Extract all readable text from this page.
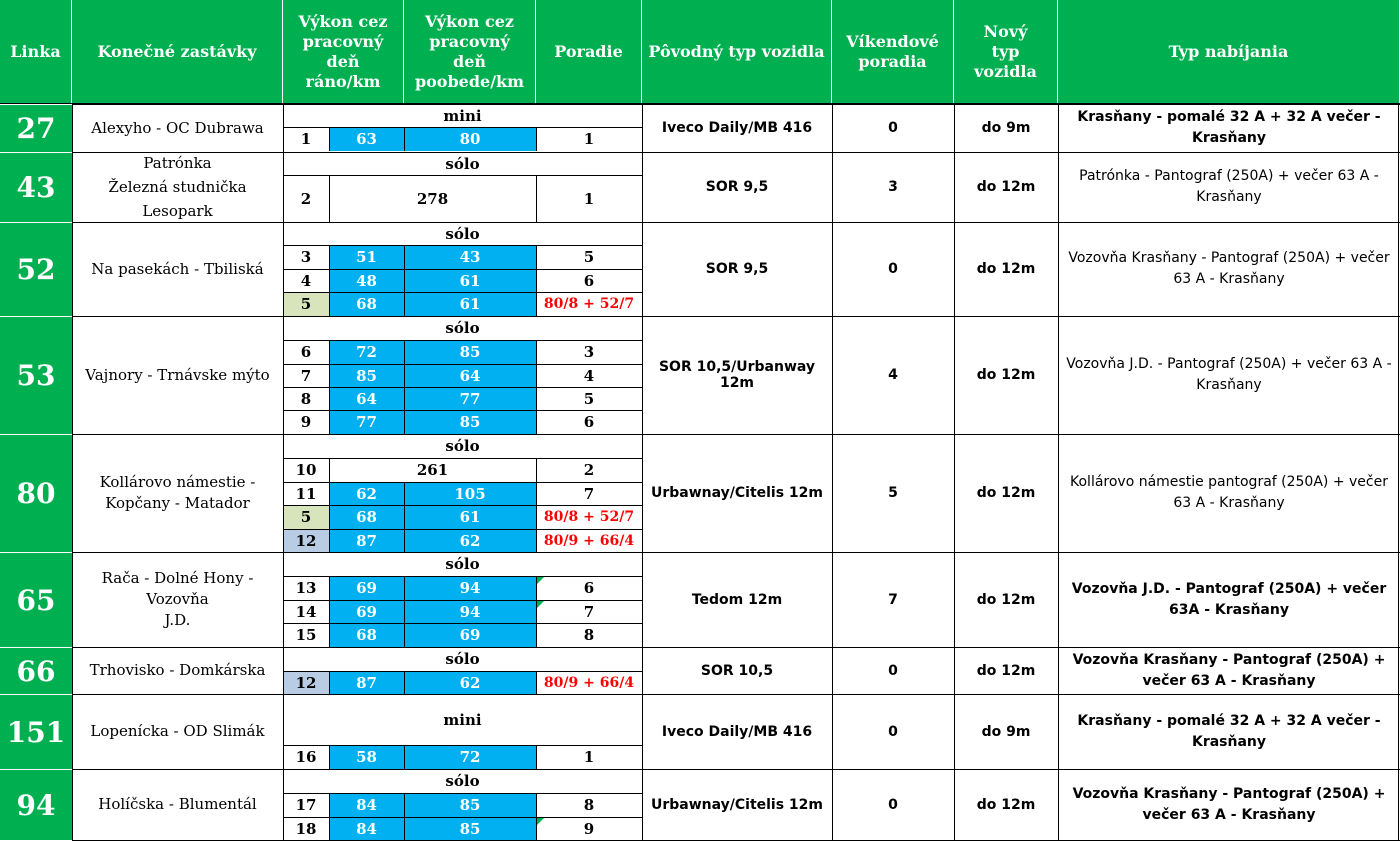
Linka	Konečné zastávky
Výkon cez pracovný deň ráno/km
Výkon cez pracovný deň poobede/km
Poradie	Pôvodný typ vozidla
Víkendové poradia
Nový typ vozidla
Typ nabíjania
27	Alexyho - OC Dubrawa
mini
1	63	80	1
Iveco Daily/MB 416	0	do 9m
Krasňany - pomalé 32 A + 32 A večer - Krasňany
43
Patrónka
Železná studnička
Lesopark
sólo
2	278	1
SOR 9,5	3	do 12m
Patrónka - Pantograf (250A) + večer 63 A - Krasňany
52	Na pasekách - Tbiliská
sólo
3	51	43	5
4	48	61	6
5	68	61	80/8 + 52/7
SOR 9,5	0	do 12m
Vozovňa Krasňany - Pantograf (250A) + večer 63 A - Krasňany
53	Vajnory - Trnávske mýto
sólo
6	72	85	3
7	85	64	4
8	64	77	5
9	77	85	6
SOR 10,5/Urbanway 12m	4	do 12m
Vozovňa J.D. - Pantograf (250A) + večer 63 A - Krasňany
80	Kollárovo námestie -
Kopčany - Matador
sólo
10	261	2
11	62	105	7
5	68	61	80/8 + 52/7
12	87	62	80/9 + 66/4
Urbawnay/Citelis 12m	5	do 12m
Kollárovo námestie pantograf (250A) + večer 63 A - Krasňany
65
Rača - Dolné Hony - Vozovňa
J.D.
sólo
13	69	94	6
14	69	94	7
15	68	69	8
Tedom 12m	7	do 12m
Vozovňa J.D. - Pantograf (250A) + večer 63A - Krasňany
66	Trhovisko - Domkárska
sólo
12	87	62	80/9 + 66/4
SOR 10,5	0	do 12m
Vozovňa Krasňany - Pantograf (250A) + večer 63 A - Krasňany
151	Lopenícka - OD Slimák
mini
16	58	72	1
Iveco Daily/MB 416	0	do 9m
Krasňany - pomalé 32 A + 32 A večer - Krasňany
94	Holíčska - Blumentál
sólo
17	84	85	8
18	84	85	9
Urbawnay/Citelis 12m	0	do 12m
Vozovňa Krasňany - Pantograf (250A) + večer 63 A - Krasňany
